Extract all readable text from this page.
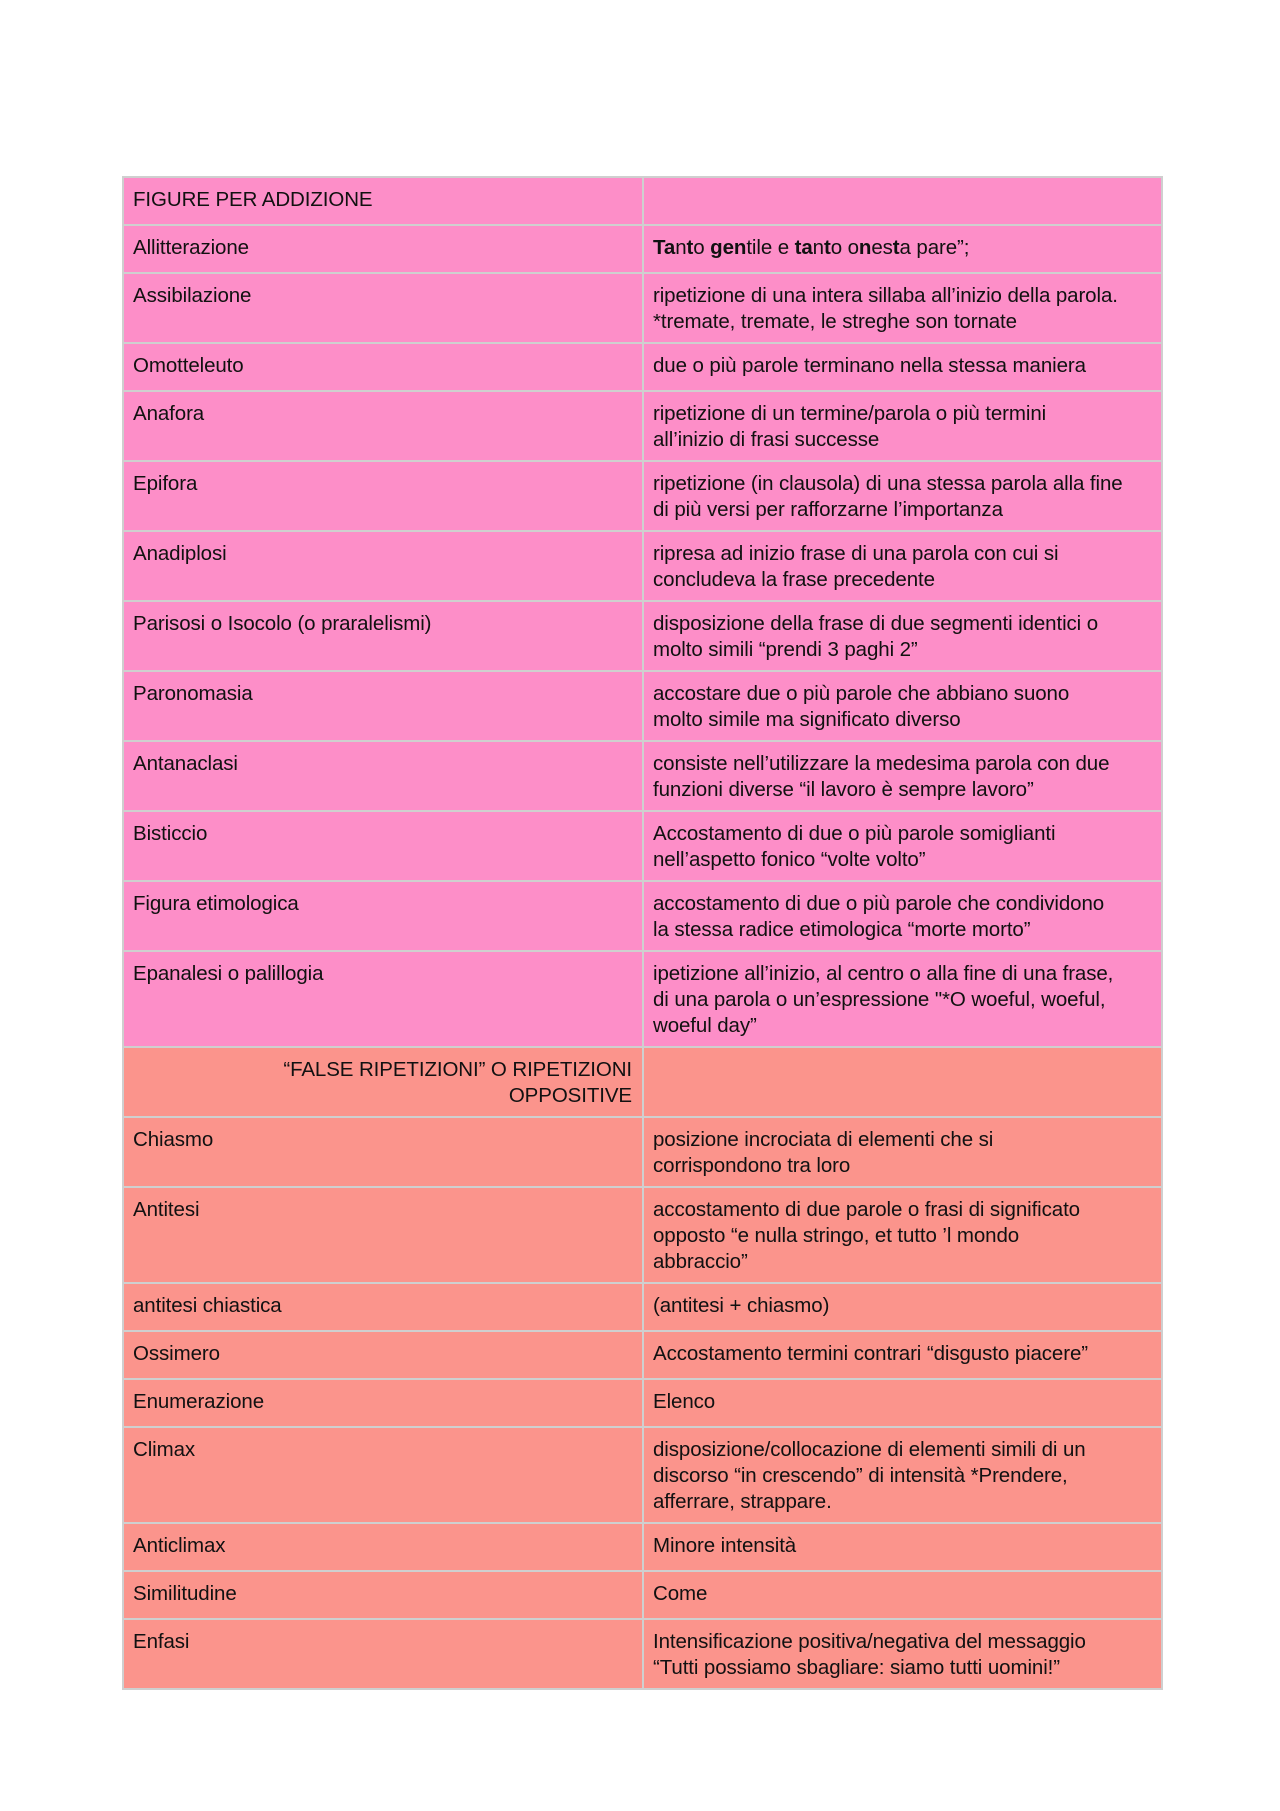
FIGURE PER ADDIZIONE	
Allitterazione	Tanto gentile e tanto onesta pare”;
Assibilazione	ripetizione di una intera sillaba all’inizio della parola.
*tremate, tremate, le streghe son tornate
Omotteleuto	due o più parole terminano nella stessa maniera
Anafora	ripetizione di un termine/parola o più termini
all’inizio di frasi successe
Epifora	ripetizione (in clausola) di una stessa parola alla fine
di più versi per rafforzarne l’importanza
Anadiplosi	ripresa ad inizio frase di una parola con cui si
concludeva la frase precedente
Parisosi o Isocolo (o praralelismi)	disposizione della frase di due segmenti identici o
molto simili “prendi 3 paghi 2”
Paronomasia	accostare due o più parole che abbiano suono
molto simile ma significato diverso
Antanaclasi	consiste nell’utilizzare la medesima parola con due
funzioni diverse “il lavoro è sempre lavoro”
Bisticcio	Accostamento di due o più parole somiglianti
nell’aspetto fonico “volte volto”
Figura etimologica	accostamento di due o più parole che condividono
la stessa radice etimologica “morte morto”
Epanalesi o palillogia	ipetizione all’inizio, al centro o alla fine di una frase,
di una parola o un’espressione "*O woeful, woeful,
woeful day”
“FALSE RIPETIZIONI” O RIPETIZIONI
OPPOSITIVE	
Chiasmo	posizione incrociata di elementi che si
corrispondono tra loro
Antitesi	accostamento di due parole o frasi di significato
opposto “e nulla stringo, et tutto ’l mondo
abbraccio”
antitesi chiastica	(antitesi + chiasmo)
Ossimero	Accostamento termini contrari “disgusto piacere”
Enumerazione	Elenco
Climax	disposizione/collocazione di elementi simili di un
discorso “in crescendo” di intensità *Prendere,
afferrare, strappare.
Anticlimax	Minore intensità
Similitudine	Come
Enfasi	Intensificazione positiva/negativa del messaggio
“Tutti possiamo sbagliare: siamo tutti uomini!”
